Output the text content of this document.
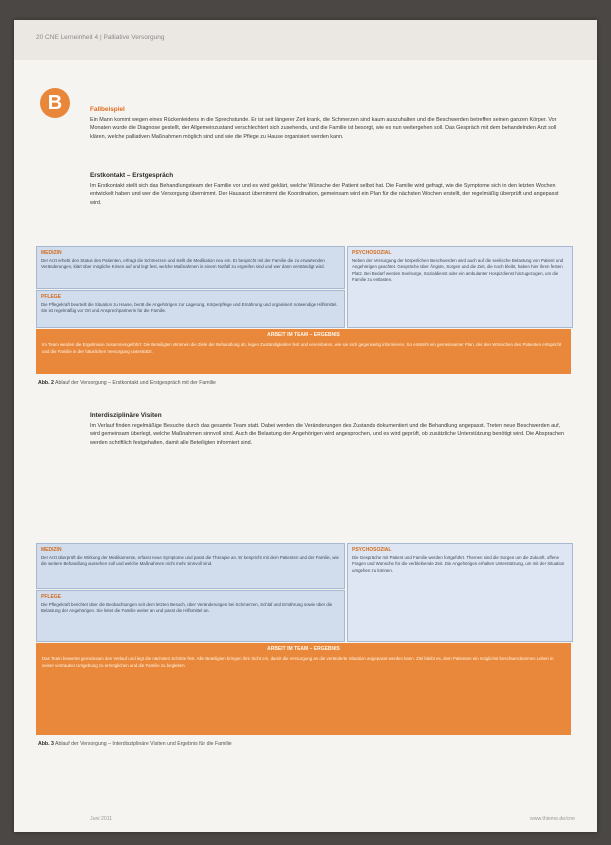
20 CNE Lerneinheit 4 | Palliative Versorgung
B	Fallbeispiel
Ein Mann kommt wegen eines Rückenleidens in die Sprechstunde. Er ist seit längerer Zeit krank, die Schmerzen sind kaum auszuhalten und die Beschwerden betreffen seinen ganzen Körper. Vor Monaten wurde die Diagnose gestellt, der Allgemeinzustand verschlechtert sich zusehends, und die Familie ist besorgt, wie es nun weitergehen soll. Das Gespräch mit dem behandelnden Arzt soll klären, welche palliativen Maßnahmen möglich sind und wie die Pflege zu Hause organisiert werden kann.
Erstkontakt – Erstgespräch
Im Erstkontakt stellt sich das Behandlungsteam der Familie vor und es wird geklärt, welche Wünsche der Patient selbst hat. Die Familie wird gefragt, wie die Symptome sich in den letzten Wochen entwickelt haben und wer die Versorgung übernimmt. Der Hausarzt übernimmt die Koordination, gemeinsam wird ein Plan für die nächsten Wochen erstellt, der regelmäßig überprüft und angepasst wird.
MEDIZIN
Der Arzt erhebt den Status des Patienten, erfragt die Schmerzen und stellt die Medikation neu ein. Er bespricht mit der Familie die zu erwartenden Veränderungen, klärt über mögliche Krisen auf und legt fest, welche Maßnahmen in einem Notfall zu ergreifen sind und wer dann verständigt wird.
PFLEGE
Die Pflegekraft beurteilt die Situation zu Hause, berät die Angehörigen zur Lagerung, Körperpflege und Ernährung und organisiert notwendige Hilfsmittel. Sie ist regelmäßig vor Ort und Ansprechpartnerin für die Familie.
PSYCHOSOZIAL
Neben der Versorgung der körperlichen Beschwerden wird auch auf die seelische Belastung von Patient und Angehörigen geachtet. Gespräche über Ängste, Sorgen und die Zeit, die noch bleibt, haben hier ihren festen Platz. Bei Bedarf werden Seelsorge, Sozialdienst oder ein ambulanter Hospizdienst hinzugezogen, um die Familie zu entlasten.
ARBEIT IM TEAM – ERGEBNIS
Im Team werden die Ergebnisse zusammengeführt: Die Beteiligten stimmen die Ziele der Behandlung ab, legen Zuständigkeiten fest und vereinbaren, wie sie sich gegenseitig informieren. So entsteht ein gemeinsamer Plan, der den Wünschen des Patienten entspricht und die Familie in der häuslichen Versorgung unterstützt.
Abb. 2 Ablauf der Versorgung – Erstkontakt und Erstgespräch mit der Familie
Interdisziplinäre Visiten
Im Verlauf finden regelmäßige Besuche durch das gesamte Team statt. Dabei werden die Veränderungen des Zustands dokumentiert und die Behandlung angepasst. Treten neue Beschwerden auf, wird gemeinsam überlegt, welche Maßnahmen sinnvoll sind. Auch die Belastung der Angehörigen wird angesprochen, und es wird geprüft, ob zusätzliche Unterstützung benötigt wird. Die Absprachen werden schriftlich festgehalten, damit alle Beteiligten informiert sind.
MEDIZIN
Der Arzt überprüft die Wirkung der Medikamente, erfasst neue Symptome und passt die Therapie an. Er bespricht mit dem Patienten und der Familie, wie die weitere Behandlung aussehen soll und welche Maßnahmen nicht mehr sinnvoll sind.
PFLEGE
Die Pflegekraft berichtet über die Beobachtungen seit dem letzten Besuch, über Veränderungen bei Schmerzen, Schlaf und Ernährung sowie über die Belastung der Angehörigen. Sie leitet die Familie weiter an und passt die Hilfsmittel an.
PSYCHOSOZIAL
Die Gespräche mit Patient und Familie werden fortgeführt. Themen sind die Sorgen um die Zukunft, offene Fragen und Wünsche für die verbleibende Zeit. Die Angehörigen erhalten Unterstützung, um mit der Situation umgehen zu können.
ARBEIT IM TEAM – ERGEBNIS
Das Team bewertet gemeinsam den Verlauf und legt die nächsten Schritte fest. Alle Beteiligten bringen ihre Sicht ein, damit die Versorgung an die veränderte Situation angepasst werden kann. Ziel bleibt es, dem Patienten ein möglichst beschwerdearmes Leben in seiner vertrauten Umgebung zu ermöglichen und die Familie zu begleiten.
Abb. 3 Ablauf der Versorgung – Interdisziplinäre Visiten und Ergebnis für die Familie
Juni 2011	www.thieme.de/cne
